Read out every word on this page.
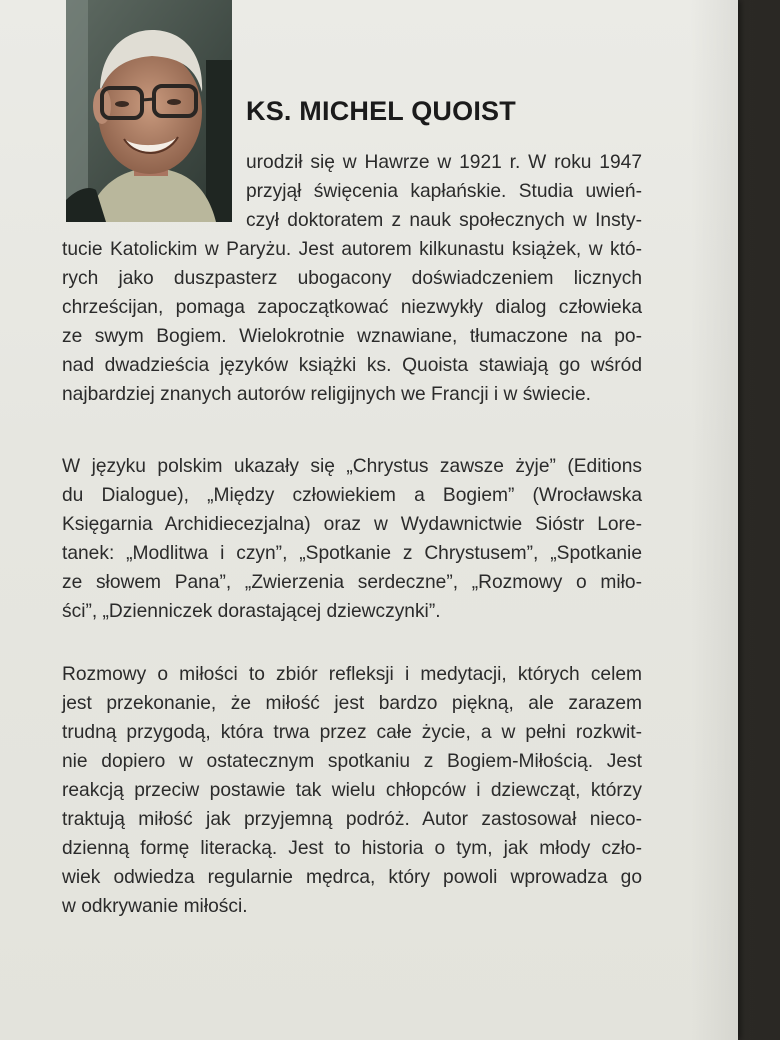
KS. MICHEL QUOIST

urodził się w Hawrze w 1921 r. W roku 1947
przyjął święcenia kapłańskie. Studia uwień-
czył doktoratem z nauk społecznych w Insty-

tucie Katolickim w Paryżu. Jest autorem kilkunastu książek, w któ-
rych jako duszpasterz ubogacony doświadczeniem licznych
chrześcijan, pomaga zapoczątkować niezwykły dialog człowieka
ze swym Bogiem. Wielokrotnie wznawiane, tłumaczone na po-
nad dwadzieścia języków książki ks. Quoista stawiają go wśród
najbardziej znanych autorów religijnych we Francji i w świecie.

W języku polskim ukazały się „Chrystus zawsze żyje” (Editions
du Dialogue), „Między człowiekiem a Bogiem” (Wrocławska
Księgarnia Archidiecezjalna) oraz w Wydawnictwie Sióstr Lore-
tanek: „Modlitwa i czyn”, „Spotkanie z Chrystusem”, „Spotkanie
ze słowem Pana”, „Zwierzenia serdeczne”, „Rozmowy o miło-
ści”, „Dzienniczek dorastającej dziewczynki”.

Rozmowy o miłości to zbiór refleksji i medytacji, których celem
jest przekonanie, że miłość jest bardzo piękną, ale zarazem
trudną przygodą, która trwa przez całe życie, a w pełni rozkwit-
nie dopiero w ostatecznym spotkaniu z Bogiem-Miłością. Jest
reakcją przeciw postawie tak wielu chłopców i dziewcząt, którzy
traktują miłość jak przyjemną podróż. Autor zastosował nieco-
dzienną formę literacką. Jest to historia o tym, jak młody czło-
wiek odwiedza regularnie mędrca, który powoli wprowadza go
w odkrywanie miłości.
